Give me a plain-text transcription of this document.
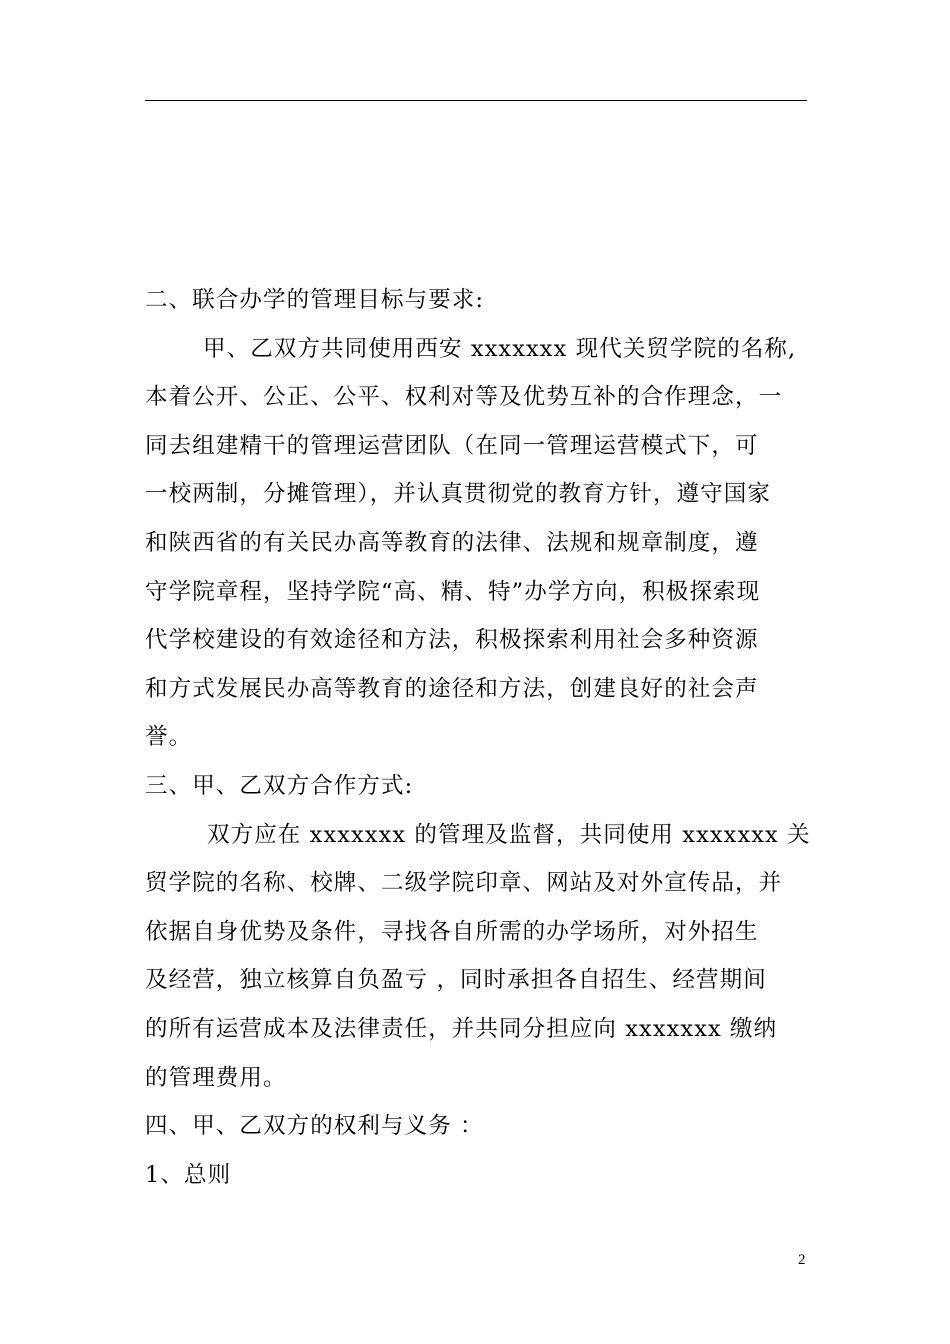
二、联合办学的管理目标与要求:
甲、乙双方共同使用西安 xxxxxxx 现代关贸学院的名称,
本着公开、公正、公平、权利对等及优势互补的合作理念，一
同去组建精干的管理运营团队（在同一管理运营模式下，可
一校两制，分摊管理），并认真贯彻党的教育方针，遵守国家
和陕西省的有关民办高等教育的法律、法规和规章制度，遵
守学院章程，坚持学院“高、精、特”办学方向，积极探索现
代学校建设的有效途径和方法，积极探索利用社会多种资源
和方式发展民办高等教育的途径和方法，创建良好的社会声
誉。
三、甲、乙双方合作方式:
双方应在 xxxxxxx 的管理及监督，共同使用 xxxxxxx 关
贸学院的名称、校牌、二级学院印章、网站及对外宣传品，并
依据自身优势及条件，寻找各自所需的办学场所，对外招生
及经营，独立核算自负盈亏 ，同时承担各自招生、经营期间
的所有运营成本及法律责任，并共同分担应向 xxxxxxx 缴纳
的管理费用。
四、甲、乙双方的权利与义务 ：
1、总则
2
